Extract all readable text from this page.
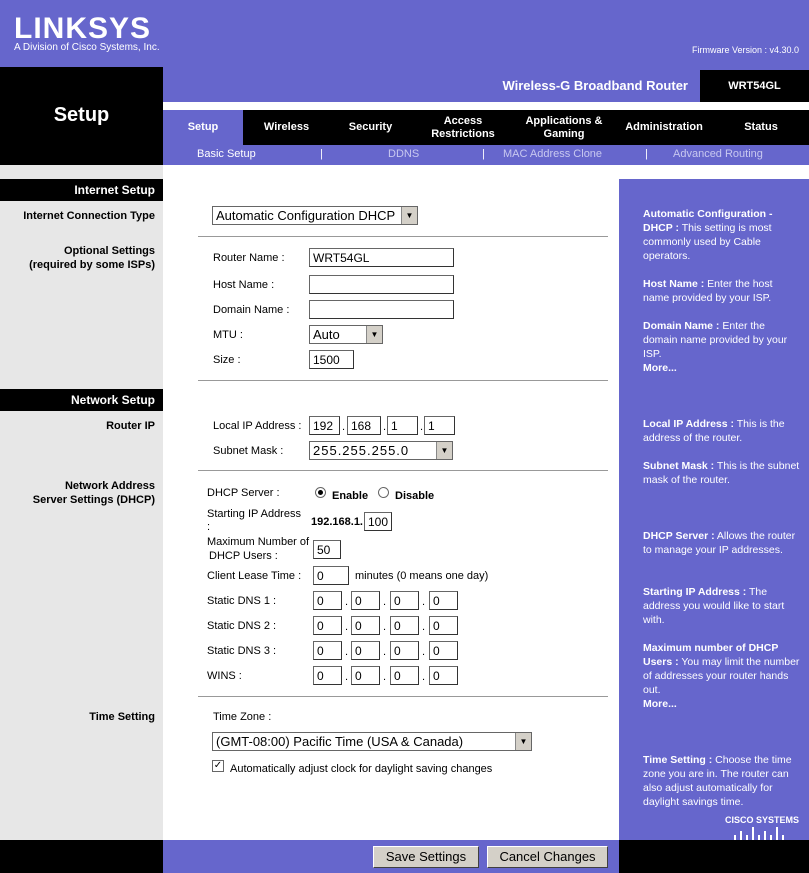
LINKSYS
A Division of Cisco Systems, Inc.	Firmware Version : v4.30.0
Setup
Wireless-G Broadband Router	WRT54GL
Setup	Wireless	Security
Access Restrictions
Applications & Gaming
Administration	Status
Basic Setup	|	DDNS	| MAC Address Clone	| Advanced Routing
Internet Setup
Internet Connection Type
Optional Settings
(required by some ISPs)
Network Setup
Router IP
Network Address
Server Settings (DHCP)
Time Setting
Automatic Configuration - DHCP : This setting is most commonly used by Cable operators.
Host Name : Enter the host name provided by your ISP.
Domain Name : Enter the domain name provided by your ISP.
More...
Local IP Address : This is the address of the router.
Subnet Mask : This is the subnet mask of the router.
DHCP Server : Allows the router to manage your IP addresses.
Starting IP Address : The address you would like to start with.
Maximum number of DHCP Users : You may limit the number of addresses your router hands out.
More...
Time Setting : Choose the time zone you are in. The router can also adjust automatically for daylight savings time.
CISCO SYSTEMS
Automatic Configuration DHCP	▼
Router Name :
WRT54GL
Host Name :
Domain Name :
MTU :	Auto	▼
Size :
1500
Local IP Address :
192	.
168	.
1	.
1
Subnet Mask :	255.255.255.0	▼
DHCP Server :	Enable Disable
Starting IP Address
:	192.168.1.
100
Maximum Number of
DHCP Users :
50
Client Lease Time :
0	minutes (0 means one day)
Static DNS 1 :
0	.
0	.
0	.
0
Static DNS 2 :
0	.
0	.
0	.
0
Static DNS 3 :
0	.
0	.
0	.
0
WINS :
0	.
0	.
0	.
0
Time Zone :
(GMT-08:00) Pacific Time (USA & Canada)	▼
✓ Automatically adjust clock for daylight saving changes
Save Settings	Cancel Changes
